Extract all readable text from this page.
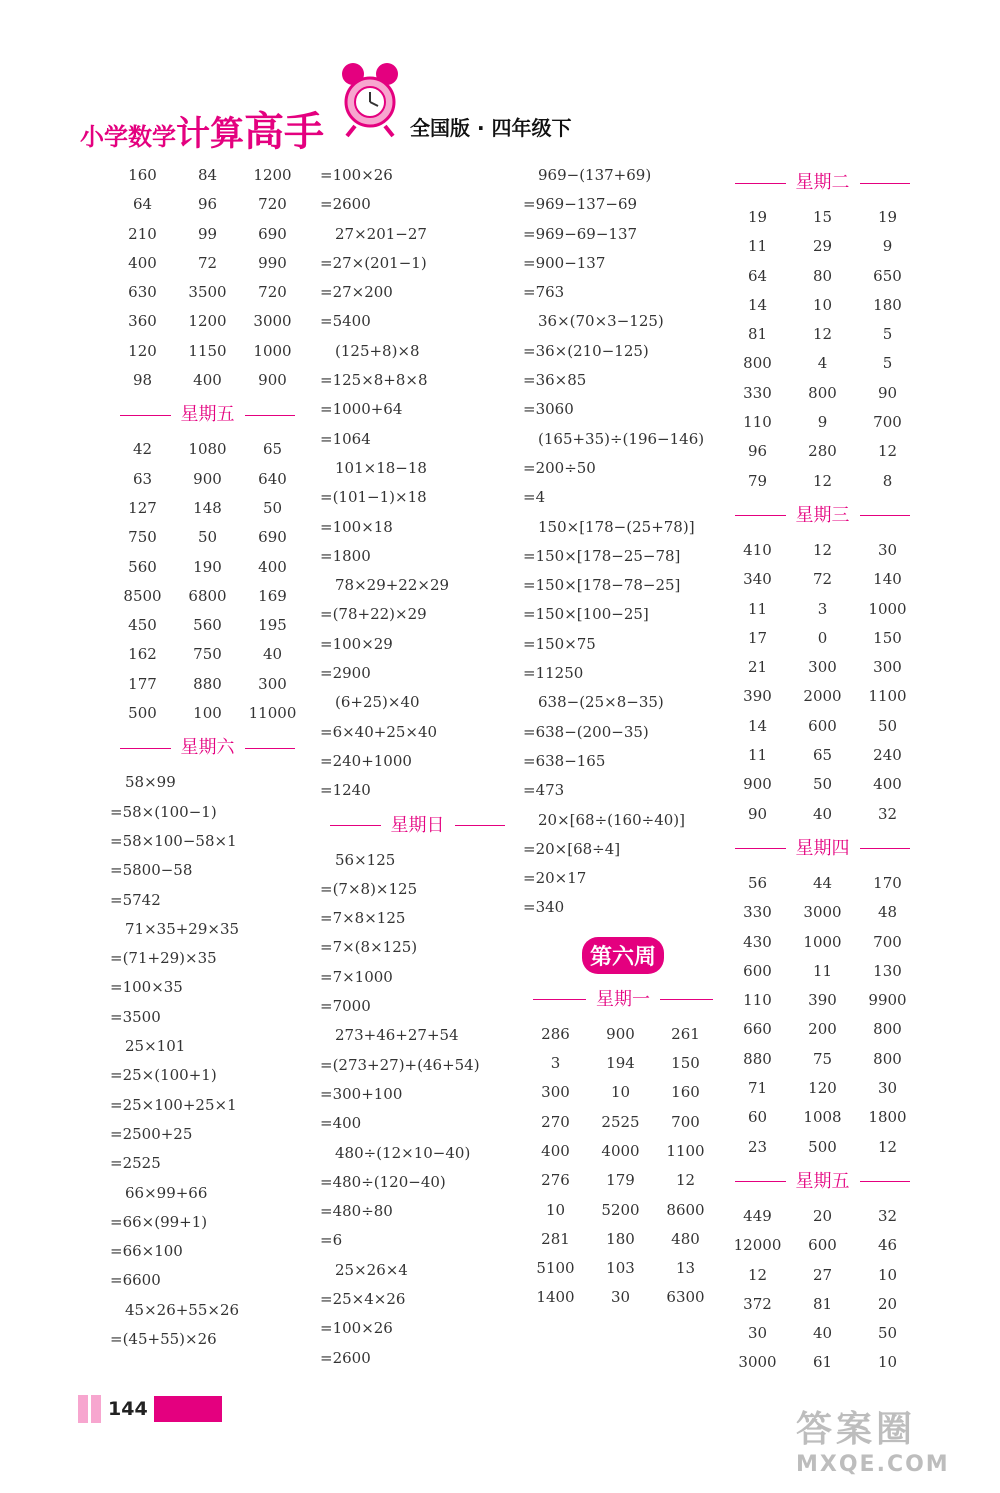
小学数学计算高手	全国版 · 四年级下
160	84	1200
64	96	720
210	99	690
400	72	990
630	3500	720
360	1200	3000
120	1150	1000
98	400	900
星期五
42	1080	65
63	900	640
127	148	50
750	50	690
560	190	400
8500	6800	169
450	560	195
162	750	40
177	880	300
500	100	11000
星期六
58×99
=58×(100−1)
=58×100−58×1
=5800−58
=5742
71×35+29×35
=(71+29)×35
=100×35
=3500
25×101
=25×(100+1)
=25×100+25×1
=2500+25
=2525
66×99+66
=66×(99+1)
=66×100
=6600
45×26+55×26
=(45+55)×26
=100×26
=2600
27×201−27
=27×(201−1)
=27×200
=5400
(125+8)×8
=125×8+8×8
=1000+64
=1064
101×18−18
=(101−1)×18
=100×18
=1800
78×29+22×29
=(78+22)×29
=100×29
=2900
(6+25)×40
=6×40+25×40
=240+1000
=1240
星期日
56×125
=(7×8)×125
=7×8×125
=7×(8×125)
=7×1000
=7000
273+46+27+54
=(273+27)+(46+54)
=300+100
=400
480÷(12×10−40)
=480÷(120−40)
=480÷80
=6
25×26×4
=25×4×26
=100×26
=2600
969−(137+69)
=969−137−69
=969−69−137
=900−137
=763
36×(70×3−125)
=36×(210−125)
=36×85
=3060
(165+35)÷(196−146)
=200÷50
=4
150×[178−(25+78)]
=150×[178−25−78]
=150×[178−78−25]
=150×[100−25]
=150×75
=11250
638−(25×8−35)
=638−(200−35)
=638−165
=473
20×[68÷(160÷40)]
=20×[68÷4]
=20×17
=340
第六周
星期一
286	900	261
3	194	150
300	10	160
270	2525	700
400	4000	1100
276	179	12
10	5200	8600
281	180	480
5100	103	13
1400	30	6300
星期二
19	15	19
11	29	9
64	80	650
14	10	180
81	12	5
800	4	5
330	800	90
110	9	700
96	280	12
79	12	8
星期三
410	12	30
340	72	140
11	3	1000
17	0	150
21	300	300
390	2000	1100
14	600	50
11	65	240
900	50	400
90	40	32
星期四
56	44	170
330	3000	48
430	1000	700
600	11	130
110	390	9900
660	200	800
880	75	800
71	120	30
60	1008	1800
23	500	12
星期五
449	20	32
12000	600	46
12	27	10
372	81	20
30	40	50
3000	61	10
144	答案圈
MXQE.COM
